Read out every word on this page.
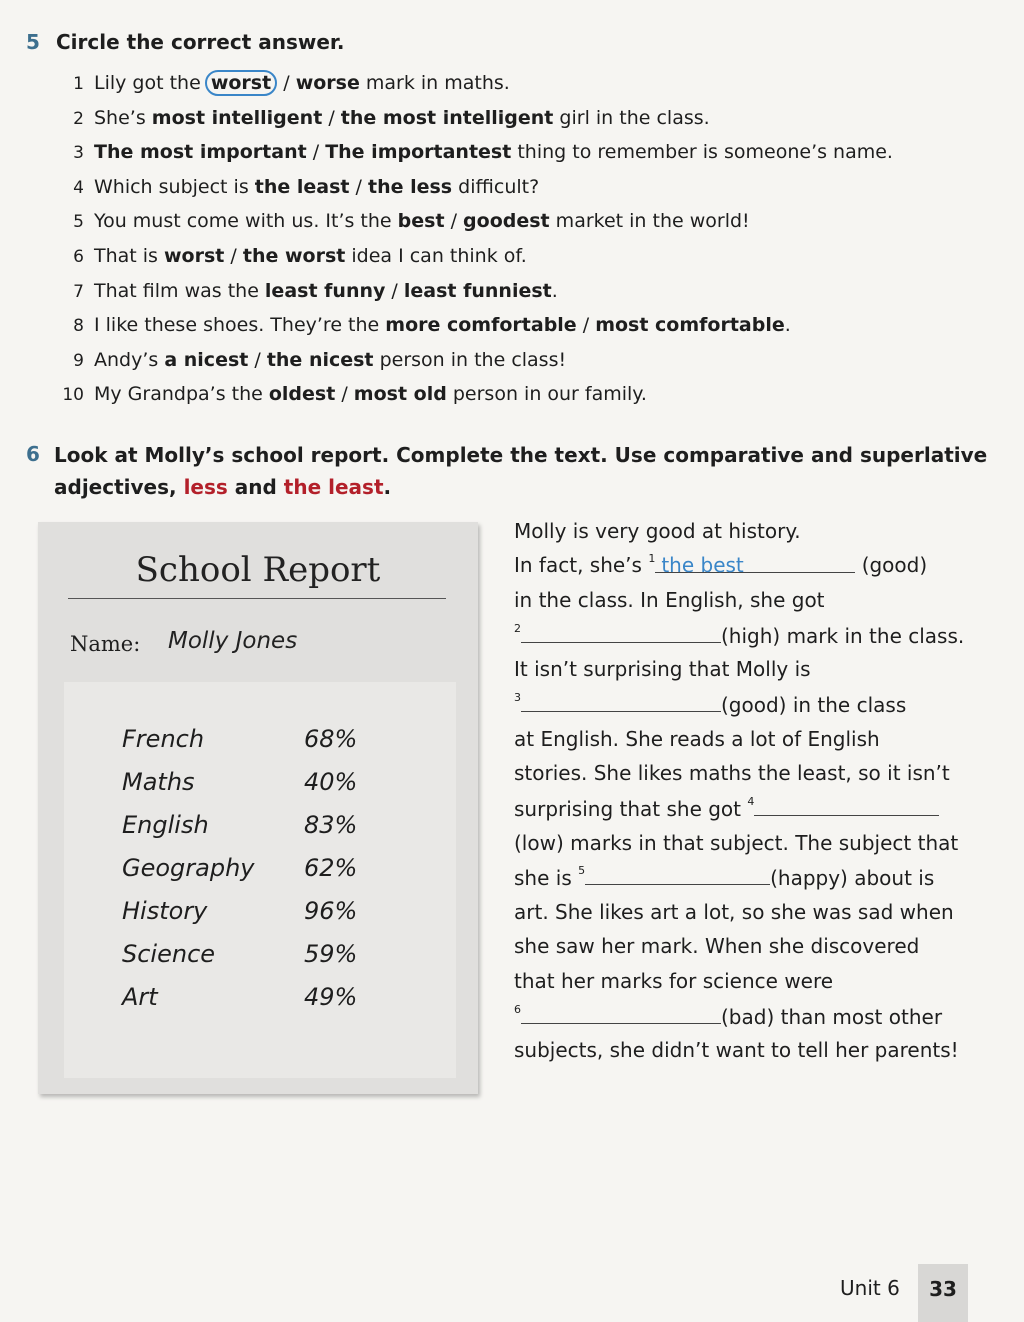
5 Circle the correct answer.
1 Lily got the worst / worse mark in maths.
2 She’s most intelligent / the most intelligent girl in the class.
3 The most important / The importantest thing to remember is someone’s name.
4 Which subject is the least / the less difficult?
5 You must come with us. It’s the best / goodest market in the world!
6 That is worst / the worst idea I can think of.
7 That film was the least funny / least funniest.
8 I like these shoes. They’re the more comfortable / most comfortable.
9 Andy’s a nicest / the nicest person in the class!
10 My Grandpa’s the oldest / most old person in our family.
6 Look at Molly’s school report. Complete the text. Use comparative and superlative
adjectives, less and the least.
School Report
Name: Molly Jones
French	68%
Maths	40%
English	83%
Geography 62%
History	96%
Science	59%
Art	49%
Molly is very good at history.
In fact, she’s $^1$ the best	(good)
in the class. In English, she got
$^2$	(high) mark in the class.
It isn’t surprising that Molly is
$^3$	(good) in the class
at English. She reads a lot of English
stories. She likes maths the least, so it isn’t
surprising that she got $^4$
(low) marks in that subject. The subject that
she is $^5$	(happy) about is
art. She likes art a lot, so she was sad when
she saw her mark. When she discovered
that her marks for science were
$^6$	(bad) than most other
subjects, she didn’t want to tell her parents!
Unit 6	33
